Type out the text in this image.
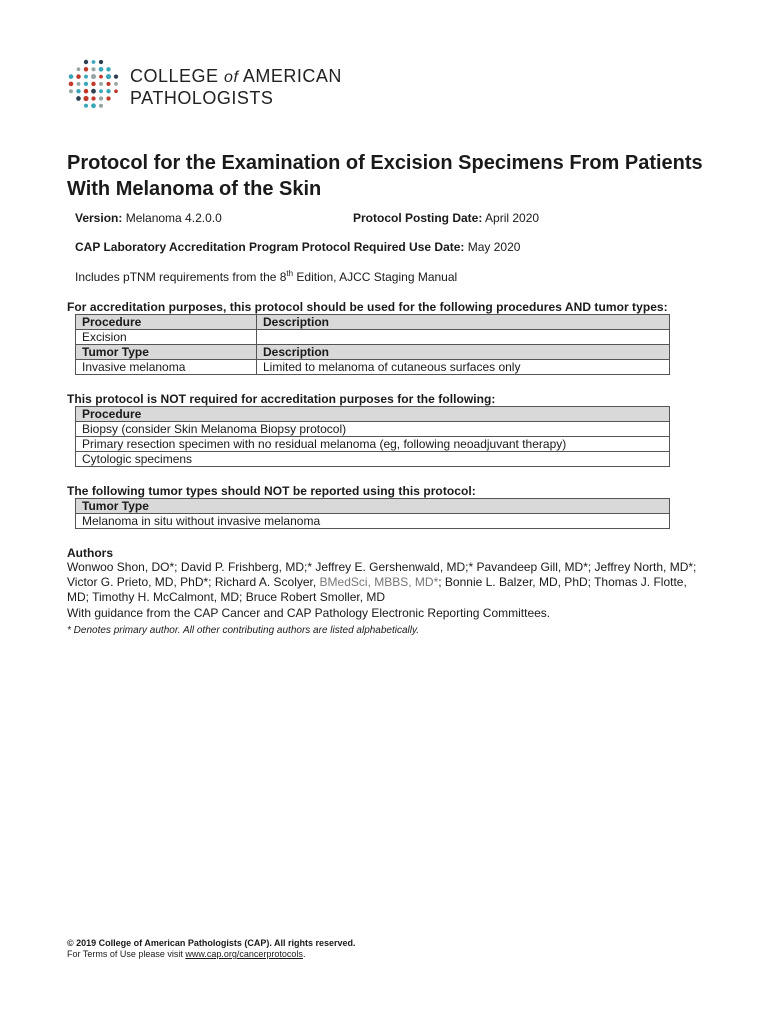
COLLEGE of AMERICAN
PATHOLOGISTS
Protocol for the Examination of Excision Specimens From Patients With Melanoma of the Skin
Version: Melanoma 4.2.0.0	Protocol Posting Date: April 2020
CAP Laboratory Accreditation Program Protocol Required Use Date: May 2020
Includes pTNM requirements from the 8th Edition, AJCC Staging Manual
For accreditation purposes, this protocol should be used for the following procedures AND tumor types:
Procedure	Description
Excision	
Tumor Type	Description
Invasive melanoma	Limited to melanoma of cutaneous surfaces only
This protocol is NOT required for accreditation purposes for the following:
Procedure
Biopsy (consider Skin Melanoma Biopsy protocol)
Primary resection specimen with no residual melanoma (eg, following neoadjuvant therapy)
Cytologic specimens
The following tumor types should NOT be reported using this protocol:
Tumor Type
Melanoma in situ without invasive melanoma
Authors
Wonwoo Shon, DO*; David P. Frishberg, MD;* Jeffrey E. Gershenwald, MD;* Pavandeep Gill, MD*; Jeffrey North, MD*; Victor G. Prieto, MD, PhD*; Richard A. Scolyer, BMedSci, MBBS, MD*; Bonnie L. Balzer, MD, PhD; Thomas J. Flotte, MD; Timothy H. McCalmont, MD; Bruce Robert Smoller, MD
With guidance from the CAP Cancer and CAP Pathology Electronic Reporting Committees.
* Denotes primary author. All other contributing authors are listed alphabetically.
© 2019 College of American Pathologists (CAP). All rights reserved.
For Terms of Use please visit www.cap.org/cancerprotocols.
